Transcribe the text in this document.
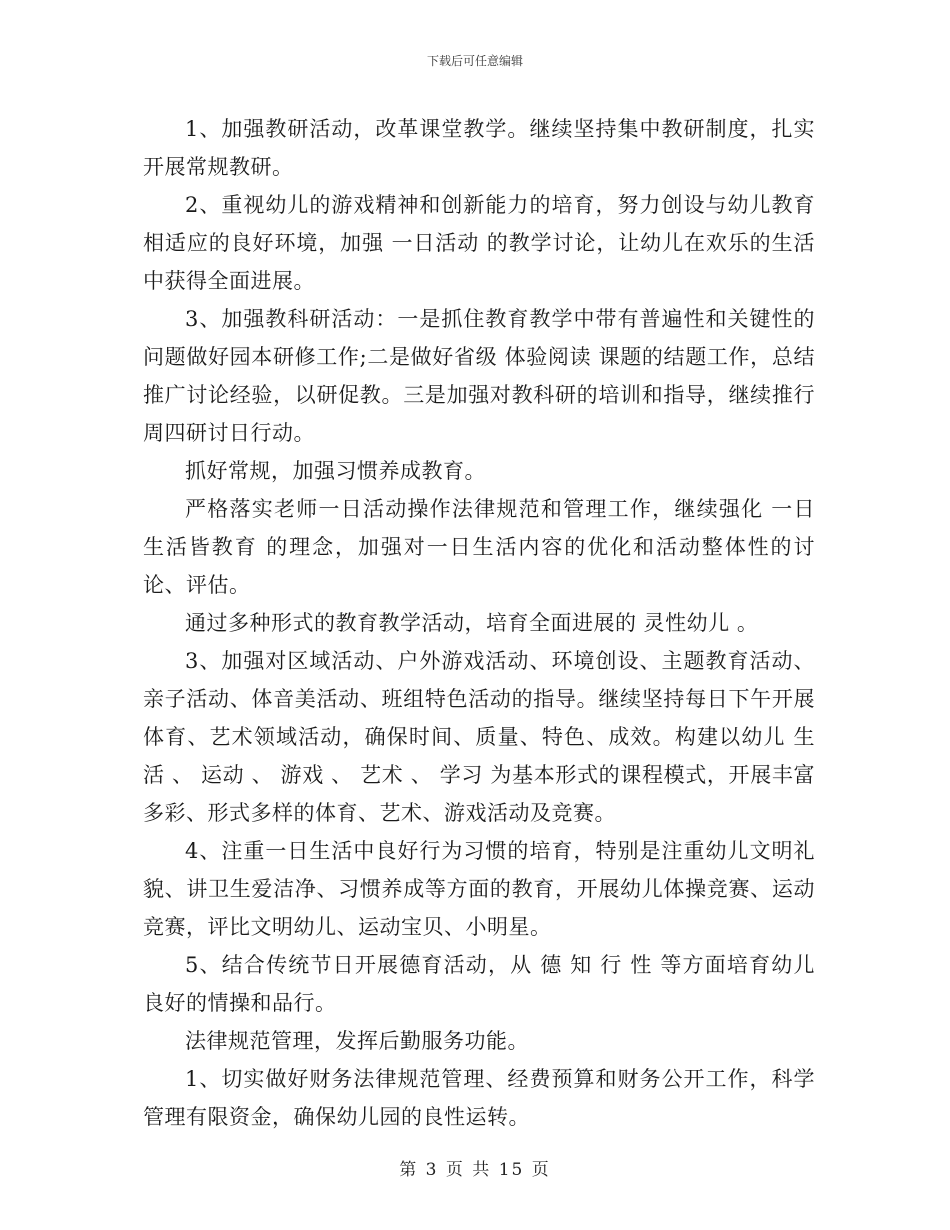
下载后可任意编辑

1、加强教研活动，改革课堂教学。继续坚持集中教研制度，扎实开展常规教研。

2、重视幼儿的游戏精神和创新能力的培育，努力创设与幼儿教育相适应的良好环境，加强 一日活动 的教学讨论，让幼儿在欢乐的生活中获得全面进展。

3、加强教科研活动：一是抓住教育教学中带有普遍性和关键性的问题做好园本研修工作;二是做好省级 体验阅读 课题的结题工作，总结推广讨论经验，以研促教。三是加强对教科研的培训和指导，继续推行周四研讨日行动。

抓好常规，加强习惯养成教育。

严格落实老师一日活动操作法律规范和管理工作，继续强化 一日生活皆教育 的理念，加强对一日生活内容的优化和活动整体性的讨论、评估。

通过多种形式的教育教学活动，培育全面进展的 灵性幼儿 。

3、加强对区域活动、户外游戏活动、环境创设、主题教育活动、亲子活动、体音美活动、班组特色活动的指导。继续坚持每日下午开展体育、艺术领域活动，确保时间、质量、特色、成效。构建以幼儿 生活 、 运动 、 游戏 、 艺术 、 学习 为基本形式的课程模式，开展丰富多彩、形式多样的体育、艺术、游戏活动及竞赛。

4、注重一日生活中良好行为习惯的培育，特别是注重幼儿文明礼貌、讲卫生爱洁净、习惯养成等方面的教育，开展幼儿体操竞赛、运动竞赛，评比文明幼儿、运动宝贝、小明星。

5、结合传统节日开展德育活动，从 德 知 行 性 等方面培育幼儿良好的情操和品行。

法律规范管理，发挥后勤服务功能。

1、切实做好财务法律规范管理、经费预算和财务公开工作，科学管理有限资金，确保幼儿园的良性运转。

第 3 页 共 15 页
